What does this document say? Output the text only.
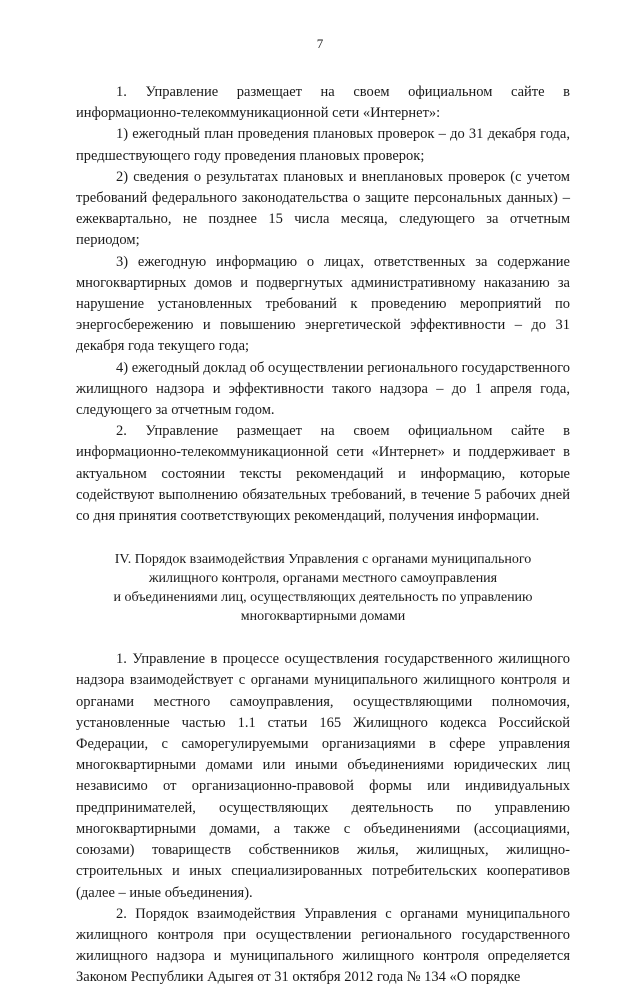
7

1. Управление размещает на своем официальном сайте в информационно-телекоммуникационной сети «Интернет»:

1) ежегодный план проведения плановых проверок – до 31 декабря года, предшествующего году проведения плановых проверок;

2) сведения о результатах плановых и внеплановых проверок (с учетом требований федерального законодательства о защите персональных данных) – ежеквартально, не позднее 15 числа месяца, следующего за отчетным периодом;

3) ежегодную информацию о лицах, ответственных за содержание многоквартирных домов и подвергнутых административному наказанию за нарушение установленных требований к проведению мероприятий по энергосбережению и повышению энергетической эффективности – до 31 декабря года текущего года;

4) ежегодный доклад об осуществлении регионального государственного жилищного надзора и эффективности такого надзора – до 1 апреля года, следующего за отчетным годом.

2. Управление размещает на своем официальном сайте в информационно-телекоммуникационной сети «Интернет» и поддерживает в актуальном состоянии тексты рекомендаций и информацию, которые содействуют выполнению обязательных требований, в течение 5 рабочих дней со дня принятия соответствующих рекомендаций, получения информации.

IV. Порядок взаимодействия Управления с органами муниципального
жилищного контроля, органами местного самоуправления
и объединениями лиц, осуществляющих деятельность по управлению
многоквартирными домами

1. Управление в процессе осуществления государственного жилищного надзора взаимодействует с органами муниципального жилищного контроля и органами местного самоуправления, осуществляющими полномочия, установленные частью 1.1 статьи 165 Жилищного кодекса Российской Федерации, с саморегулируемыми организациями в сфере управления многоквартирными домами или иными объединениями юридических лиц независимо от организационно-правовой формы или индивидуальных предпринимателей, осуществляющих деятельность по управлению многоквартирными домами, а также с объединениями (ассоциациями, союзами) товариществ собственников жилья, жилищных, жилищно-строительных и иных специализированных потребительских кооперативов (далее – иные объединения).

2. Порядок взаимодействия Управления с органами муниципального жилищного контроля при осуществлении регионального государственного жилищного надзора и муниципального жилищного контроля определяется Законом Республики Адыгея от 31 октября 2012 года № 134 «О порядке
